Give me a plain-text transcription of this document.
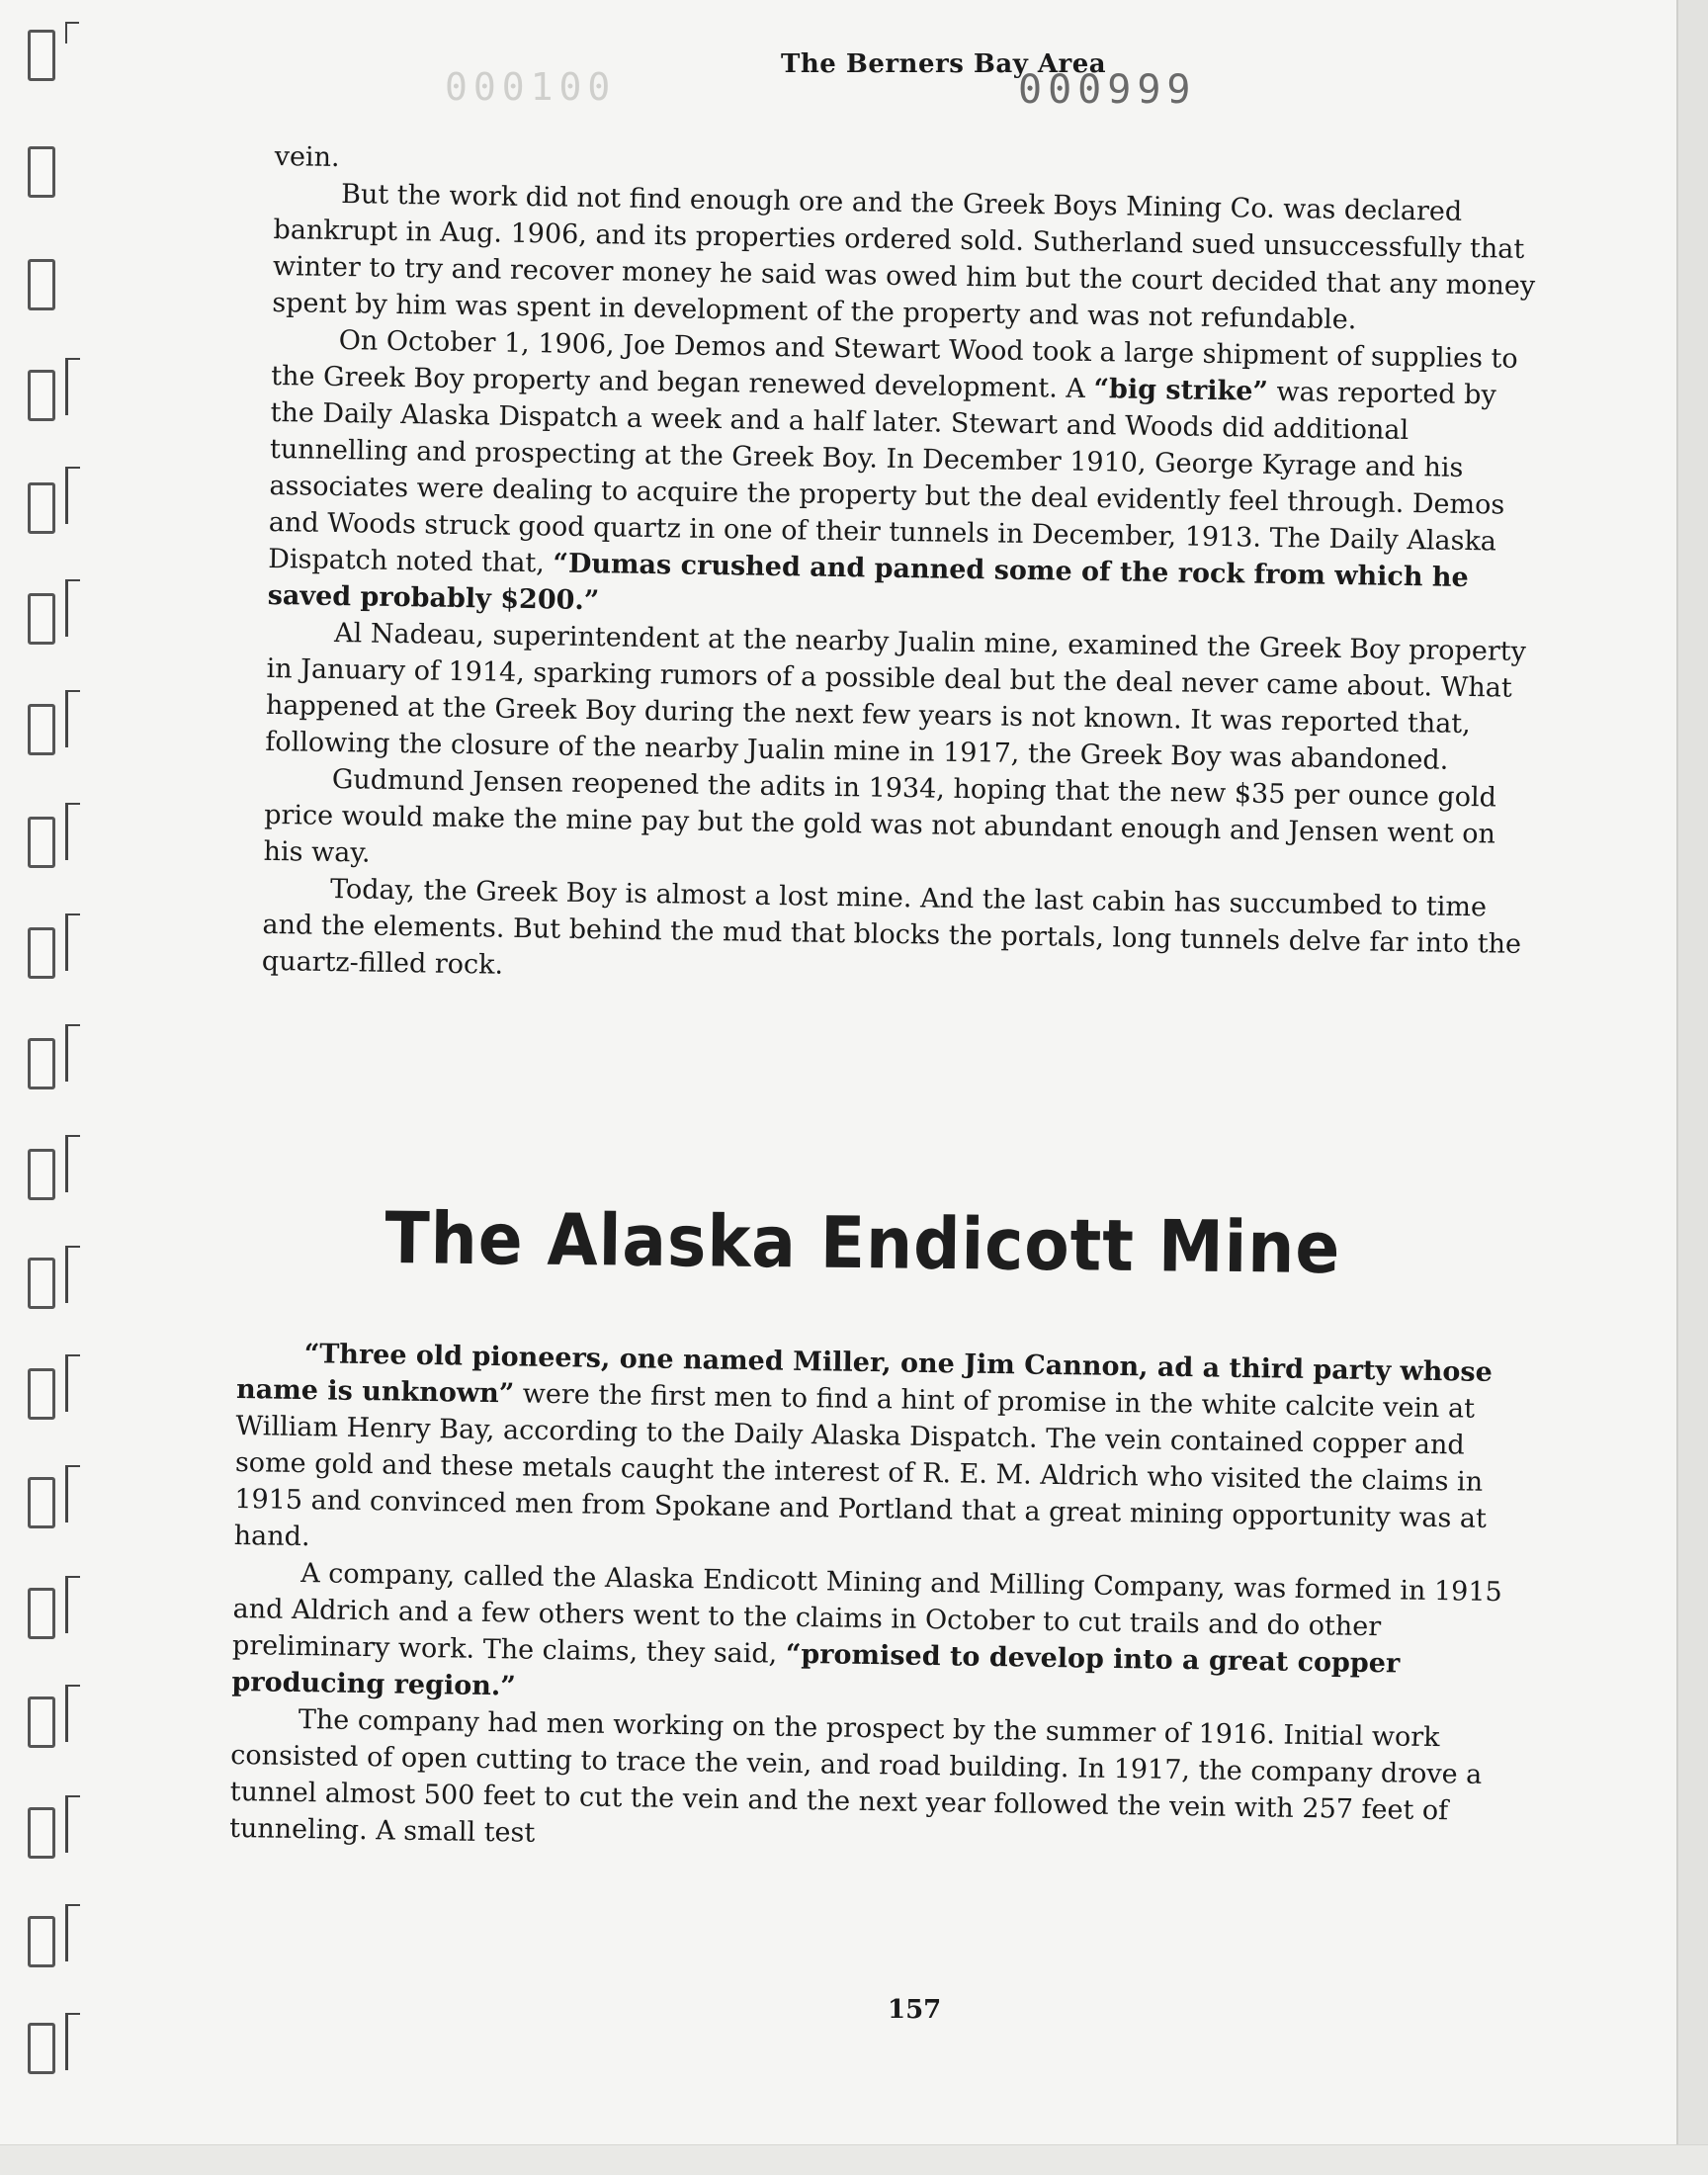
The Berners Bay Area
000100	000999

vein.

But the work did not find enough ore and the Greek Boys Mining Co. was declared bankrupt in Aug. 1906, and its properties ordered sold. Sutherland sued unsuccessfully that winter to try and recover money he said was owed him but the court decided that any money spent by him was spent in development of the property and was not refundable.

On October 1, 1906, Joe Demos and Stewart Wood took a large shipment of supplies to the Greek Boy property and began renewed development. A “big strike” was reported by the Daily Alaska Dispatch a week and a half later. Stewart and Woods did additional tunnelling and prospecting at the Greek Boy. In December 1910, George Kyrage and his associates were dealing to acquire the property but the deal evidently feel through. Demos and Woods struck good quartz in one of their tunnels in December, 1913. The Daily Alaska Dispatch noted that, “Dumas crushed and panned some of the rock from which he saved probably $200.”

Al Nadeau, superintendent at the nearby Jualin mine, examined the Greek Boy property in January of 1914, sparking rumors of a possible deal but the deal never came about. What happened at the Greek Boy during the next few years is not known. It was reported that, following the closure of the nearby Jualin mine in 1917, the Greek Boy was abandoned.

Gudmund Jensen reopened the adits in 1934, hoping that the new $35 per ounce gold price would make the mine pay but the gold was not abundant enough and Jensen went on his way.

Today, the Greek Boy is almost a lost mine. And the last cabin has succumbed to time and the elements. But behind the mud that blocks the portals, long tunnels delve far into the quartz-filled rock.

The Alaska Endicott Mine

“Three old pioneers, one named Miller, one Jim Cannon, ad a third party whose name is unknown” were the first men to find a hint of promise in the white calcite vein at William Henry Bay, according to the Daily Alaska Dispatch. The vein contained copper and some gold and these metals caught the interest of R. E. M. Aldrich who visited the claims in 1915 and convinced men from Spokane and Portland that a great mining opportunity was at hand.

A company, called the Alaska Endicott Mining and Milling Company, was formed in 1915 and Aldrich and a few others went to the claims in October to cut trails and do other preliminary work. The claims, they said, “promised to develop into a great copper producing region.”

The company had men working on the prospect by the summer of 1916. Initial work consisted of open cutting to trace the vein, and road building. In 1917, the company drove a tunnel almost 500 feet to cut the vein and the next year followed the vein with 257 feet of tunneling. A small test

157
